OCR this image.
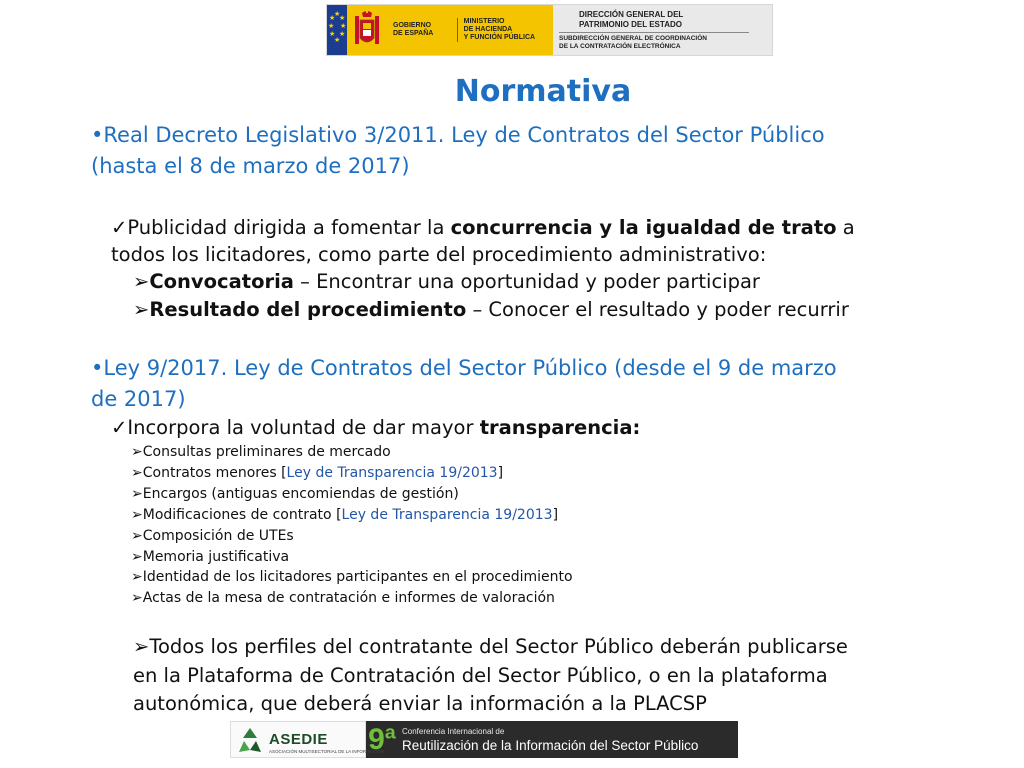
★
★
★
★
★
★
★
★
GOBIERNO
DE ESPAÑA
MINISTERIO
DE HACIENDA
Y FUNCIÓN PÚBLICA
DIRECCIÓN GENERAL DEL
PATRIMONIO DEL ESTADO
SUBDIRECCIÓN GENERAL DE COORDINACIÓN
DE LA CONTRATACIÓN ELECTRÓNICA
Normativa
•Real Decreto Legislativo 3/2011. Ley de Contratos del Sector Público
(hasta el 8 de marzo de 2017)
✓Publicidad dirigida a fomentar la concurrencia y la igualdad de trato a
todos los licitadores, como parte del procedimiento administrativo:
➢Convocatoria – Encontrar una oportunidad y poder participar
➢Resultado del procedimiento – Conocer el resultado y poder recurrir
•Ley 9/2017. Ley de Contratos del Sector Público (desde el 9 de marzo
de 2017)
✓Incorpora la voluntad de dar mayor transparencia:
➢Consultas preliminares de mercado
➢Contratos menores [Ley de Transparencia 19/2013]
➢Encargos (antiguas encomiendas de gestión)
➢Modificaciones de contrato [Ley de Transparencia 19/2013]
➢Composición de UTEs
➢Memoria justificativa
➢Identidad de los licitadores participantes en el procedimiento
➢Actas de la mesa de contratación e informes de valoración
➢Todos los perfiles del contratante del Sector Público deberán publicarse
en la Plataforma de Contratación del Sector Público, o en la plataforma
autonómica, que deberá enviar la información a la PLACSP
ASEDIE
ASOCIACIÓN MULTISECTORIAL DE LA INFORMACIÓN
9ª Conferencia Internacional de
Reutilización de la Información del Sector Público
